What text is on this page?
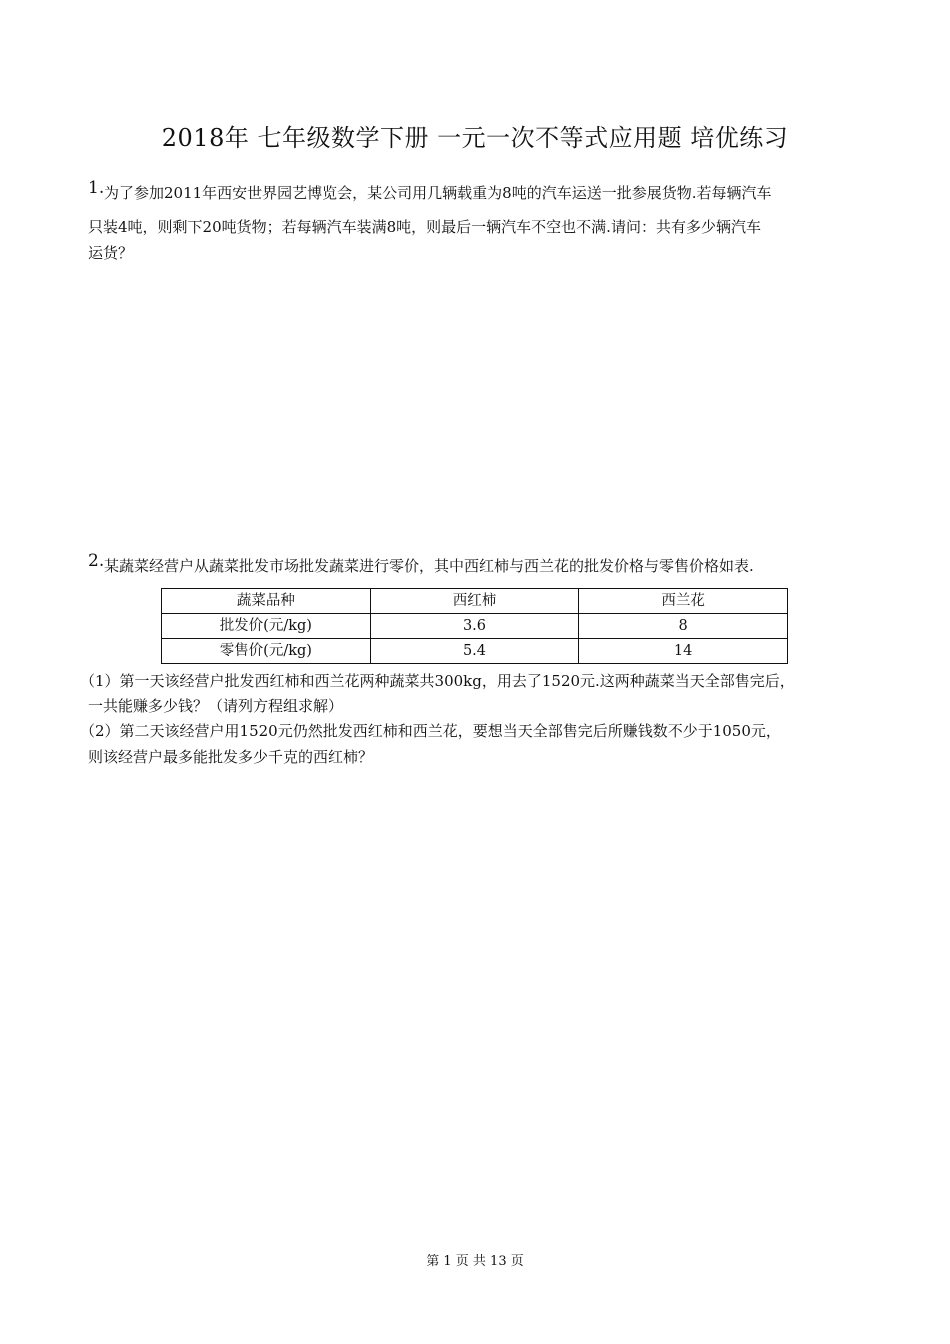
2018年 七年级数学下册 一元一次不等式应用题 培优练习
1. 为了参加2011年西安世界园艺博览会，某公司用几辆载重为8吨的汽车运送一批参展货物.若每辆汽车
只装4吨，则剩下20吨货物；若每辆汽车装满8吨，则最后一辆汽车不空也不满.请问：共有多少辆汽车
运货？
2. 某蔬菜经营户从蔬菜批发市场批发蔬菜进行零价，其中西红柿与西兰花的批发价格与零售价格如表.
蔬菜品种	西红柿	西兰花
批发价(元/kg)	3.6	8
零售价(元/kg)	5.4	14
（1）第一天该经营户批发西红柿和西兰花两种蔬菜共300kg，用去了1520元.这两种蔬菜当天全部售完后，
一共能赚多少钱？（请列方程组求解）
（2）第二天该经营户用1520元仍然批发西红柿和西兰花，要想当天全部售完后所赚钱数不少于1050元，
则该经营户最多能批发多少千克的西红柿？
第 1 页 共 13 页
